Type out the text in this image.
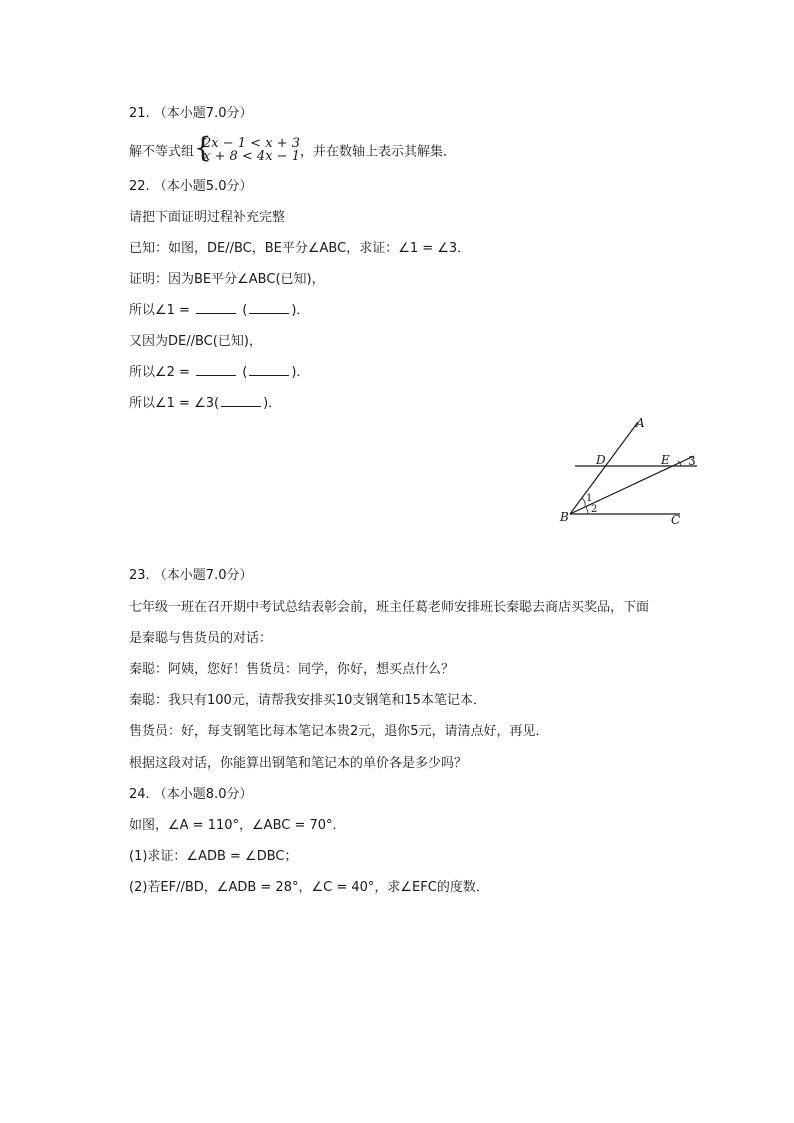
21. （本小题7.0分）
解不等式组 {
2x − 1 < x + 3
x + 8 < 4x − 1 ，并在数轴上表示其解集．
22. （本小题5.0分）
请把下面证明过程补充完整
已知：如图，DE//BC，BE平分∠ABC，求证：∠1 = ∠3．
证明：因为BE平分∠ABC(已知)，
所以∠1 =	(	)．
又因为DE//BC(已知)，
所以∠2 =	(	)．
所以∠1 = ∠3(	)．
A
D	E 3
1
2
B	C
23. （本小题7.0分）
七年级一班在召开期中考试总结表彰会前，班主任葛老师安排班长秦聪去商店买奖品，下面
是秦聪与售货员的对话：
秦聪：阿姨，您好！售货员：同学，你好，想买点什么？
秦聪：我只有100元，请帮我安排买10支钢笔和15本笔记本．
售货员：好，每支钢笔比每本笔记本贵2元，退你5元，请清点好，再见．
根据这段对话，你能算出钢笔和笔记本的单价各是多少吗？
24. （本小题8.0分）
如图，∠A = 110°，∠ABC = 70°．
(1)求证：∠ADB = ∠DBC；
(2)若EF//BD，∠ADB = 28°，∠C = 40°，求∠EFC的度数．
